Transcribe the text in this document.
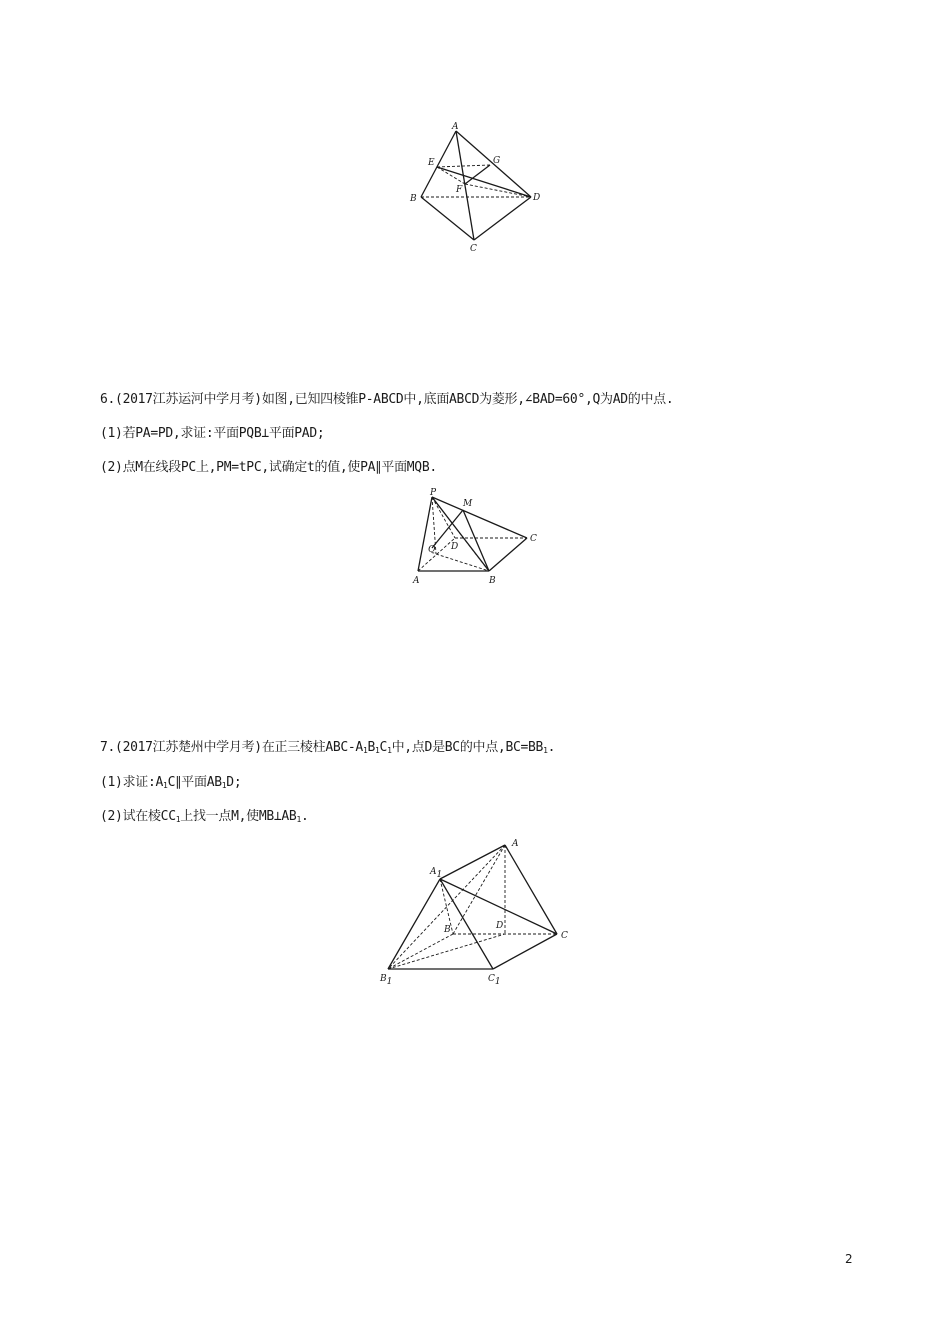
A
E	G
F
B	D
C
6.(2017江苏运河中学月考)如图,已知四棱锥P-ABCD中,底面ABCD为菱形,∠BAD=60°,Q为AD的中点.
(1)若PA=PD,求证:平面PQB⊥平面PAD;
(2)点M在线段PC上,PM=tPC,试确定t的值,使PA∥平面MQB.
P
M
C
D
Q
A	B
7.(2017江苏楚州中学月考)在正三棱柱ABC-$A_1B_1C_1$中,点D是BC的中点$,BC=BB_1$.
(1)求证$:A_1C\parallel$平面$AB_1D$;
(2)试在棱$CC_1$上找一点M,使$MB\perp AB_1$.
A
A1
B	D
C
B1	C1
2
